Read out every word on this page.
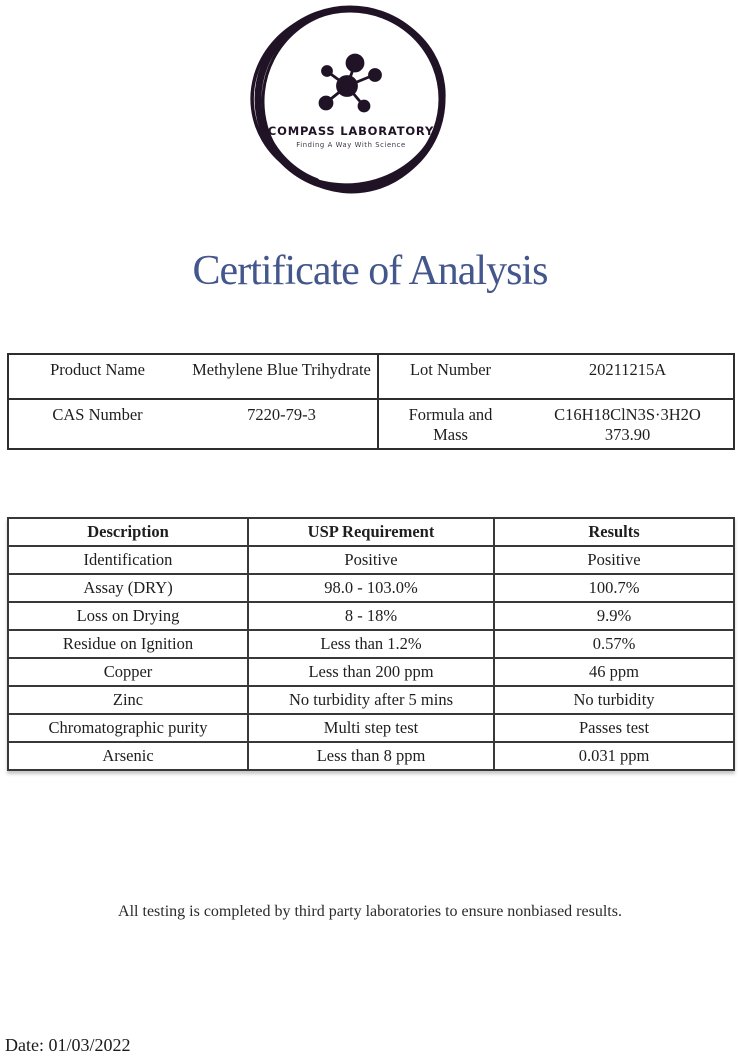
COMPASS LABORATORY
Finding A Way With Science
Certificate of Analysis
Product Name	Methylene Blue Trihydrate	Lot Number	20211215A
CAS Number	7220-79-3	Formula and Mass	C16H18ClN3S·3H2O
373.90
Description	USP Requirement	Results
Identification	Positive	Positive
Assay (DRY)	98.0 - 103.0%	100.7%
Loss on Drying	8 - 18%	9.9%
Residue on Ignition	Less than 1.2%	0.57%
Copper	Less than 200 ppm	46 ppm
Zinc	No turbidity after 5 mins	No turbidity
Chromatographic purity	Multi step test	Passes test
Arsenic	Less than 8 ppm	0.031 ppm
All testing is completed by third party laboratories to ensure nonbiased results.
Date: 01/03/2022
